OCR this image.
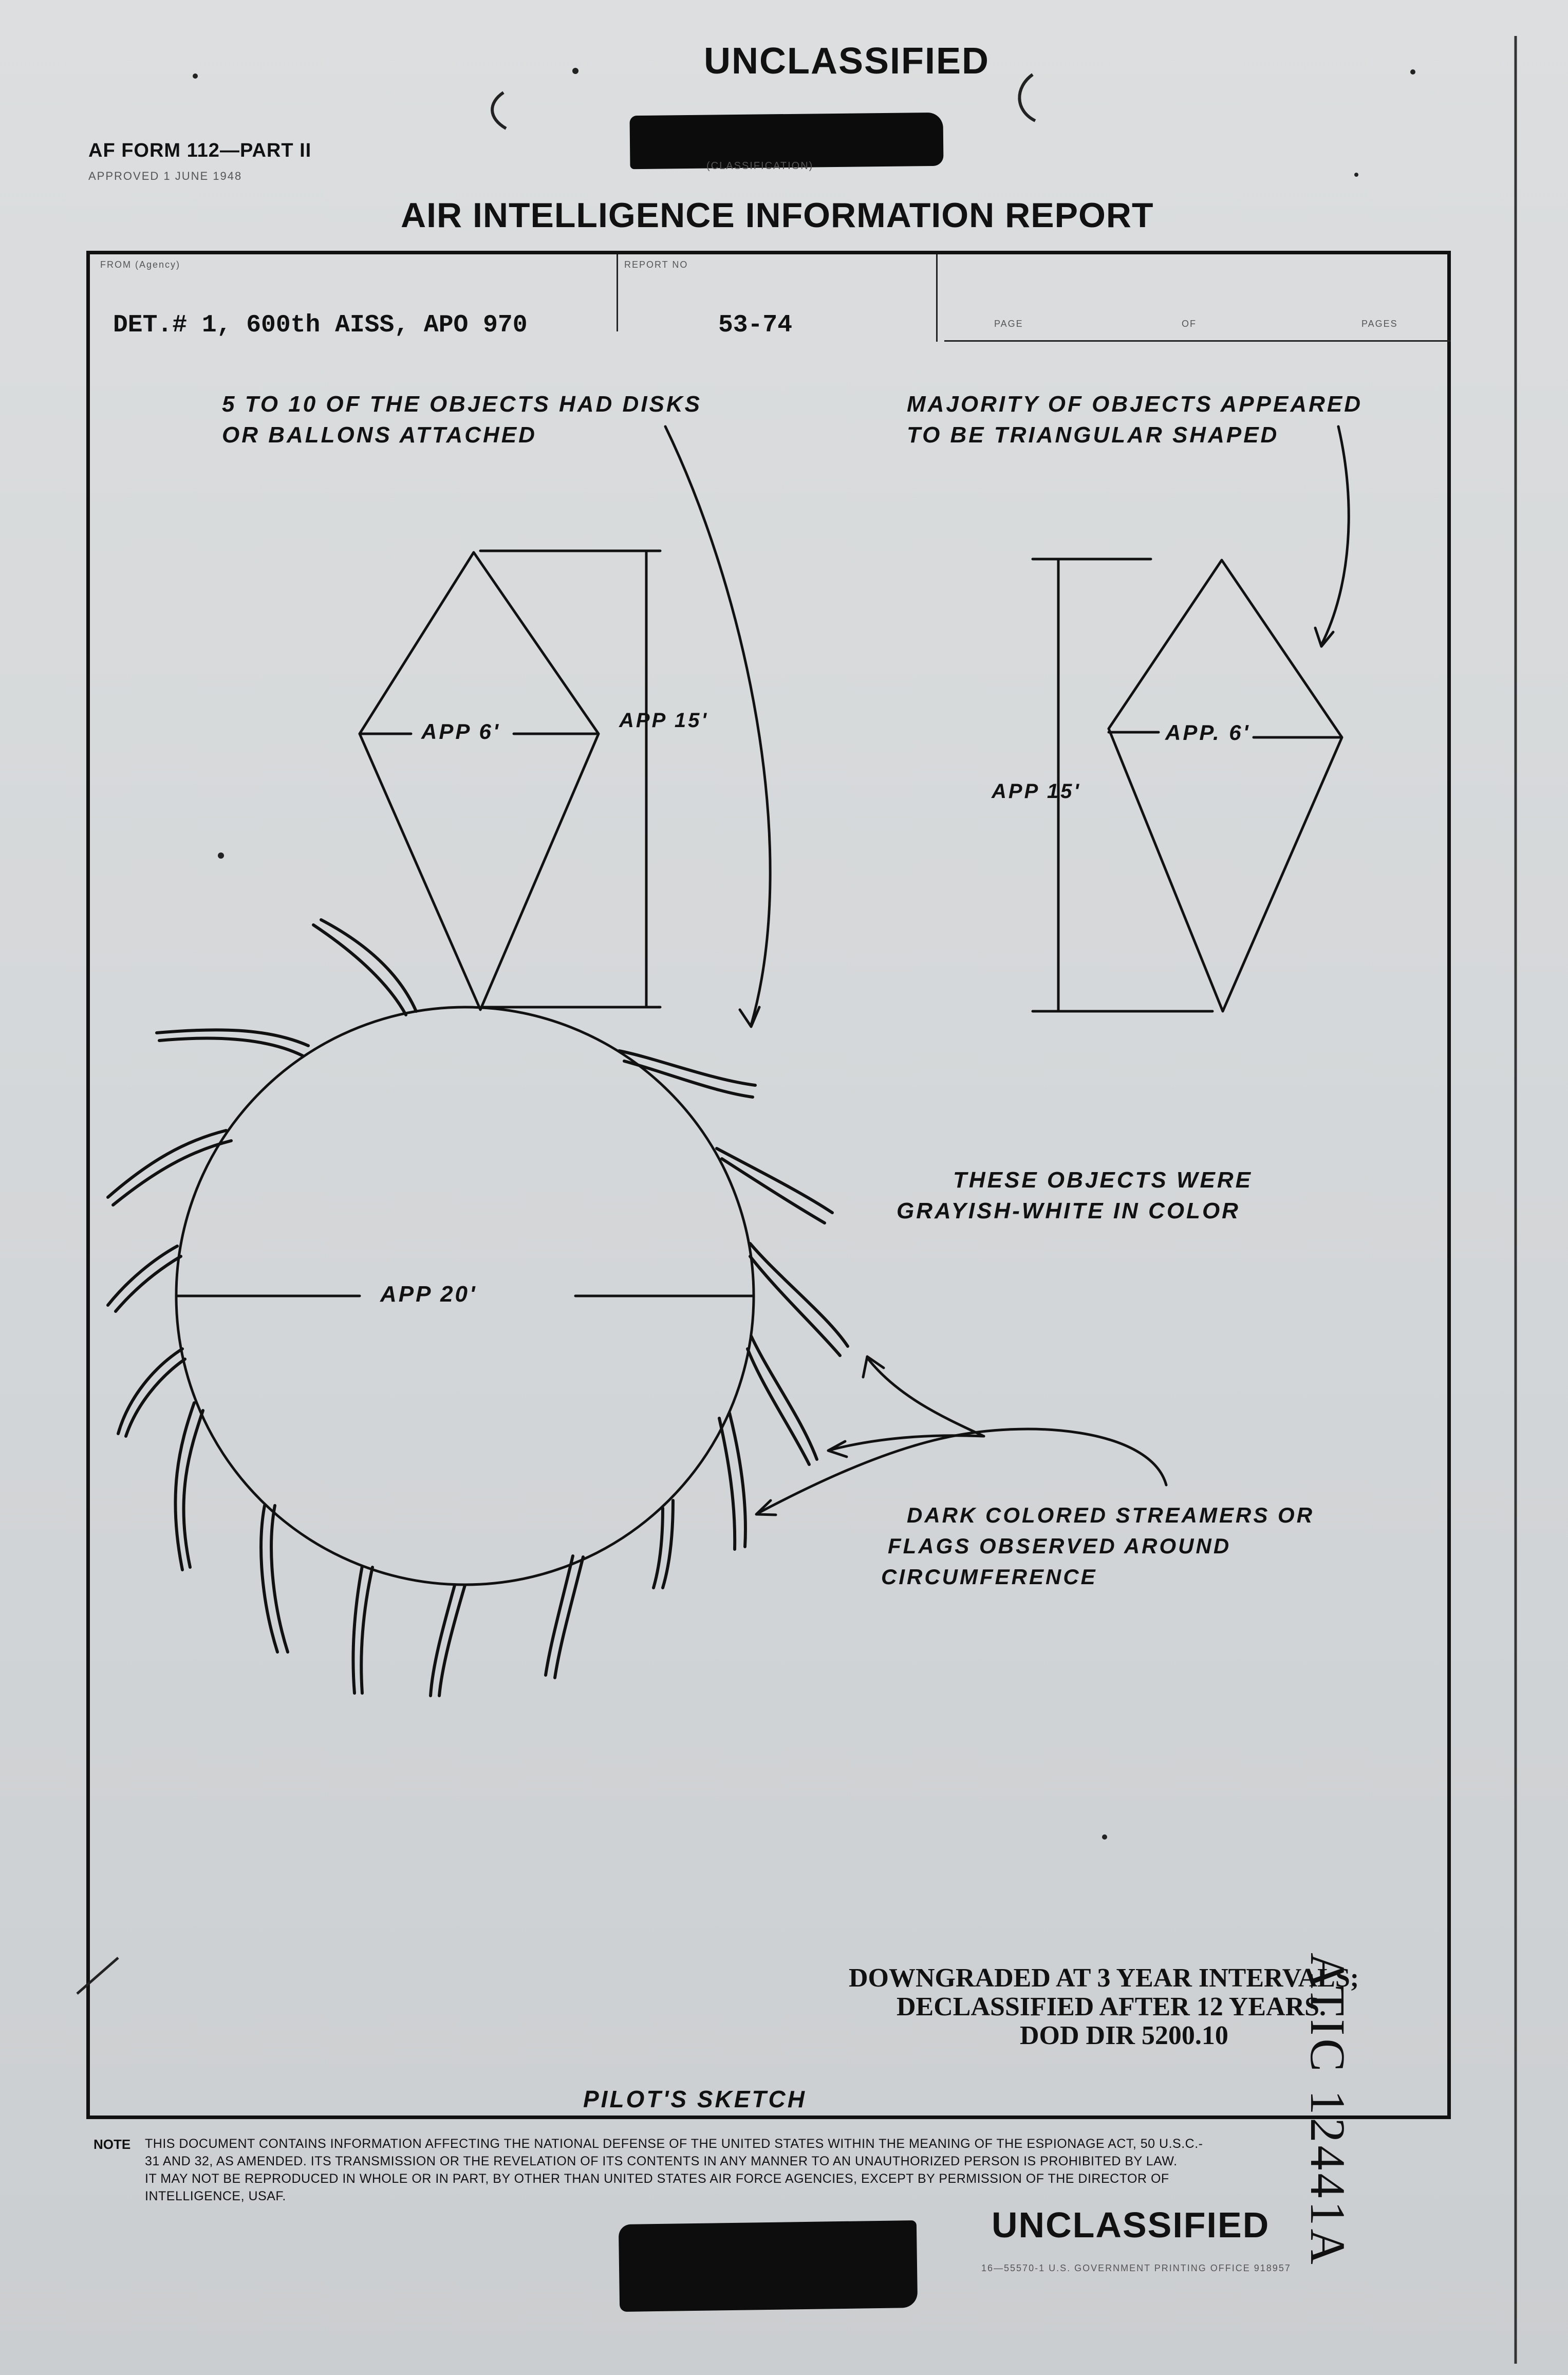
UNCLASSIFIED
(CLASSIFICATION)
AF FORM 112—PART II
APPROVED 1 JUNE 1948
AIR INTELLIGENCE INFORMATION REPORT
FROM (Agency)
DET.# 1, 600th AISS, APO 970
REPORT NO
53-74	PAGE	OF	PAGES
5 TO 10 OF THE OBJECTS HAD DISKS
OR BALLONS ATTACHED
MAJORITY OF OBJECTS APPEARED
TO BE TRIANGULAR SHAPED
APP 6'	APP 15'	APP. 6'
APP 15'
APP 20'
THESE OBJECTS WERE
GRAYISH-WHITE IN COLOR
DARK COLORED STREAMERS OR
FLAGS OBSERVED AROUND
CIRCUMFERENCE
PILOT'S SKETCH
DOWNGRADED AT 3 YEAR INTERVALS;
DECLASSIFIED AFTER 12 YEARS.
DOD DIR 5200.10 ATIC 12441A
NOTE THIS DOCUMENT CONTAINS INFORMATION AFFECTING THE NATIONAL DEFENSE OF THE UNITED STATES WITHIN THE MEANING OF THE ESPIONAGE ACT, 50 U.S.C.-
31 AND 32, AS AMENDED. ITS TRANSMISSION OR THE REVELATION OF ITS CONTENTS IN ANY MANNER TO AN UNAUTHORIZED PERSON IS PROHIBITED BY LAW.
IT MAY NOT BE REPRODUCED IN WHOLE OR IN PART, BY OTHER THAN UNITED STATES AIR FORCE AGENCIES, EXCEPT BY PERMISSION OF THE DIRECTOR OF
INTELLIGENCE, USAF.
UNCLASSIFIED
16—55570-1 U.S. GOVERNMENT PRINTING OFFICE 918957
